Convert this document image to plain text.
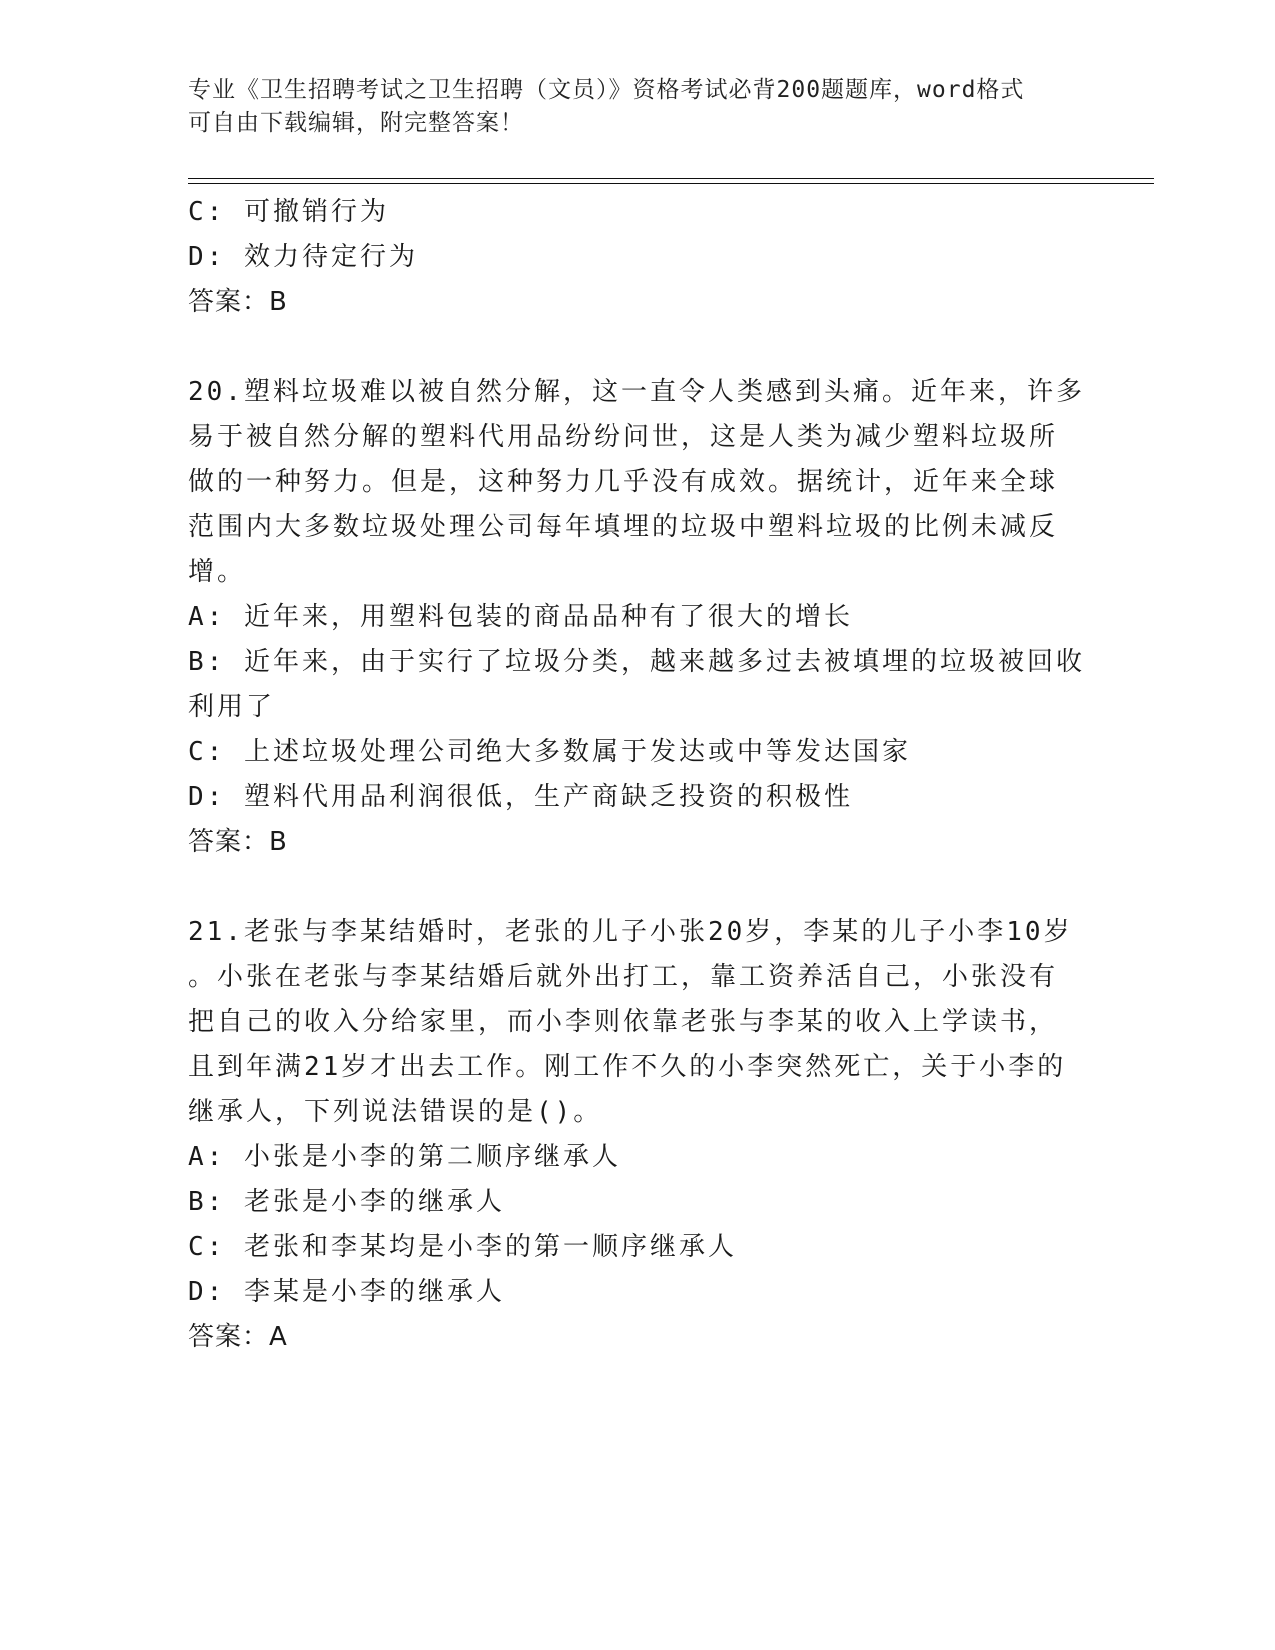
专业《卫生招聘考试之卫生招聘（文员）》资格考试必背200题题库，word格式
可自由下载编辑，附完整答案！
C: 可撤销行为
D: 效力待定行为
答案：B
20.塑料垃圾难以被自然分解，这一直令人类感到头痛。近年来，许多
易于被自然分解的塑料代用品纷纷问世，这是人类为减少塑料垃圾所
做的一种努力。但是，这种努力几乎没有成效。据统计，近年来全球
范围内大多数垃圾处理公司每年填埋的垃圾中塑料垃圾的比例未减反
增。
A: 近年来，用塑料包装的商品品种有了很大的增长
B: 近年来，由于实行了垃圾分类，越来越多过去被填埋的垃圾被回收
利用了
C: 上述垃圾处理公司绝大多数属于发达或中等发达国家
D: 塑料代用品利润很低，生产商缺乏投资的积极性
答案：B
21.老张与李某结婚时，老张的儿子小张20岁，李某的儿子小李10岁
。小张在老张与李某结婚后就外出打工，靠工资养活自己，小张没有
把自己的收入分给家里，而小李则依靠老张与李某的收入上学读书，
且到年满21岁才出去工作。刚工作不久的小李突然死亡，关于小李的
继承人，下列说法错误的是()。
A: 小张是小李的第二顺序继承人
B: 老张是小李的继承人
C: 老张和李某均是小李的第一顺序继承人
D: 李某是小李的继承人
答案：A
